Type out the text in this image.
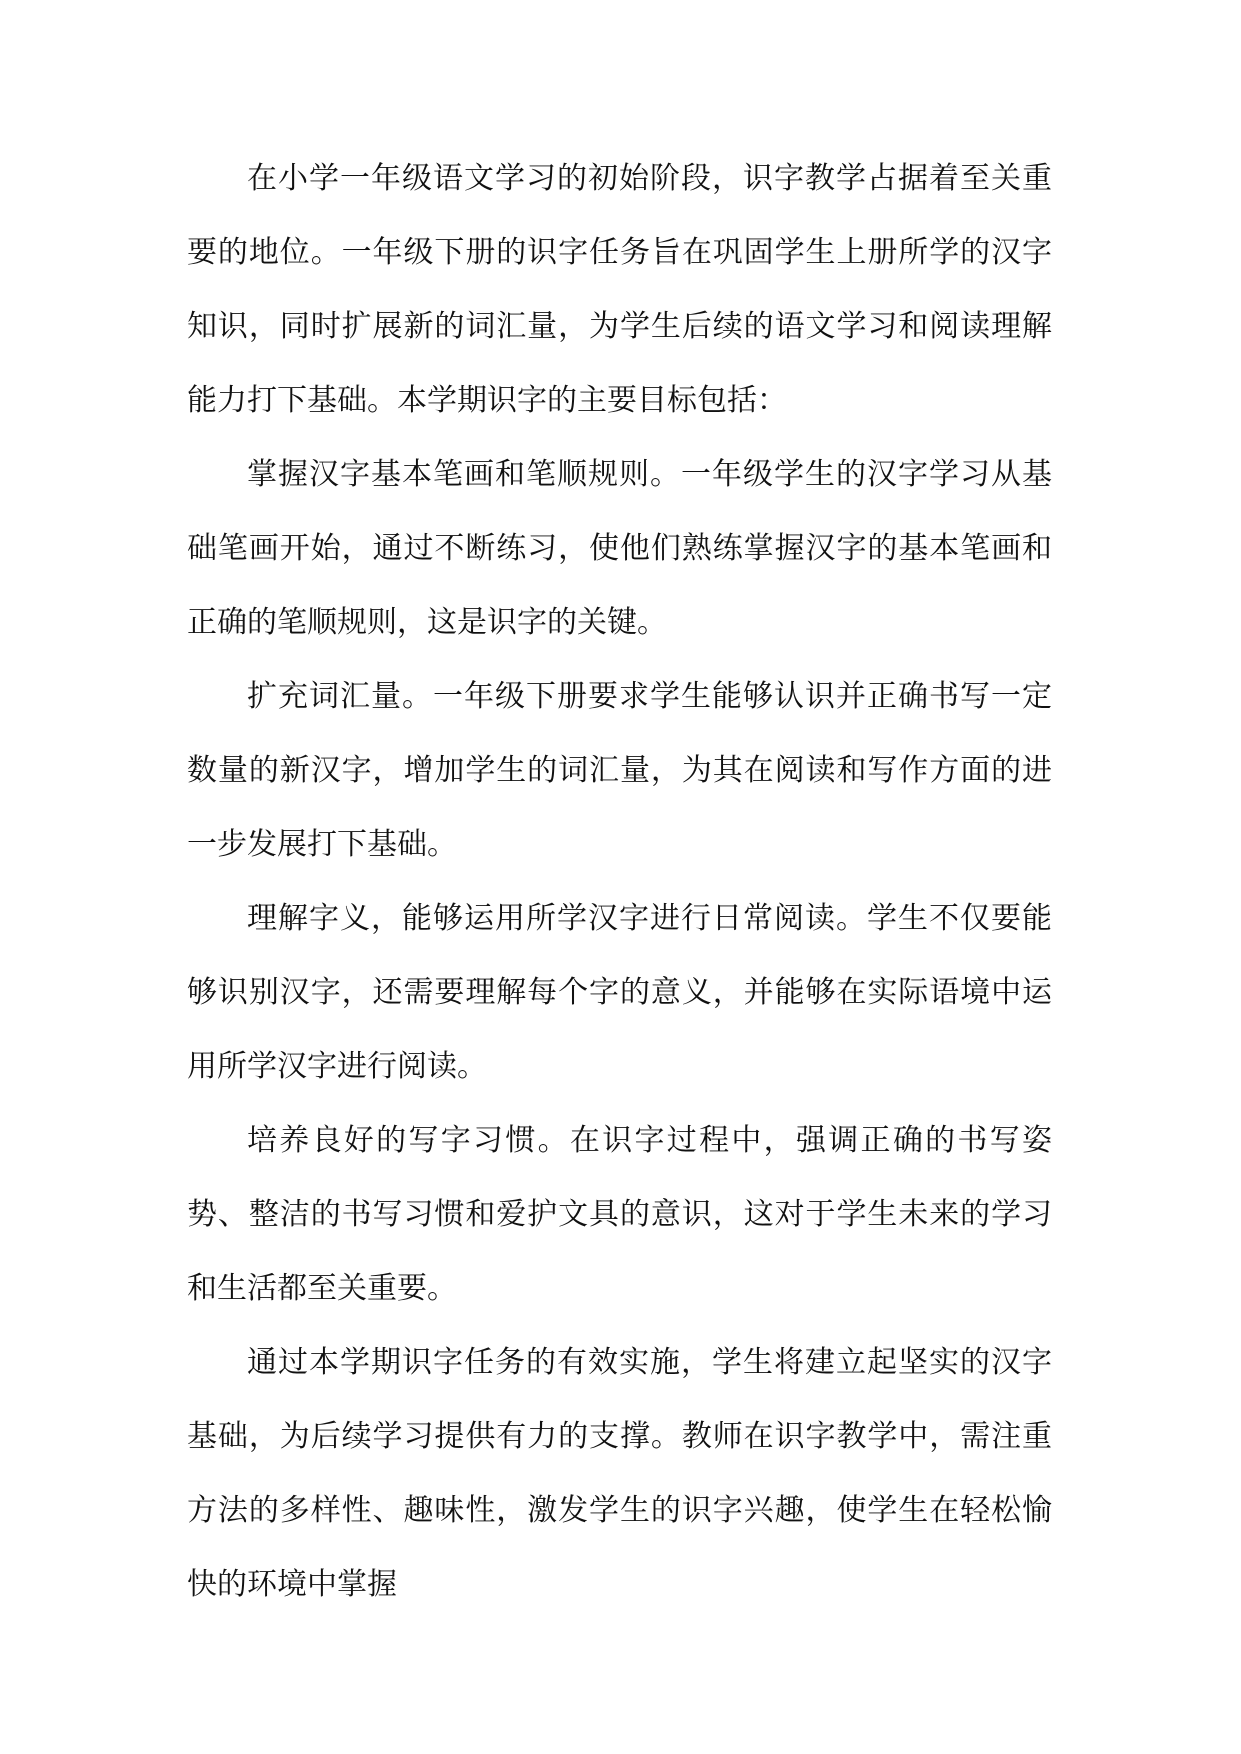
在小学一年级语文学习的初始阶段，识字教学占据着至关重要的地位。一年级下册的识字任务旨在巩固学生上册所学的汉字知识，同时扩展新的词汇量，为学生后续的语文学习和阅读理解能力打下基础。本学期识字的主要目标包括：

掌握汉字基本笔画和笔顺规则。一年级学生的汉字学习从基础笔画开始，通过不断练习，使他们熟练掌握汉字的基本笔画和正确的笔顺规则，这是识字的关键。

扩充词汇量。一年级下册要求学生能够认识并正确书写一定数量的新汉字，增加学生的词汇量，为其在阅读和写作方面的进一步发展打下基础。

理解字义，能够运用所学汉字进行日常阅读。学生不仅要能够识别汉字，还需要理解每个字的意义，并能够在实际语境中运用所学汉字进行阅读。

培养良好的写字习惯。在识字过程中，强调正确的书写姿势、整洁的书写习惯和爱护文具的意识，这对于学生未来的学习和生活都至关重要。

通过本学期识字任务的有效实施，学生将建立起坚实的汉字基础，为后续学习提供有力的支撑。教师在识字教学中，需注重方法的多样性、趣味性，激发学生的识字兴趣，使学生在轻松愉快的环境中掌握
